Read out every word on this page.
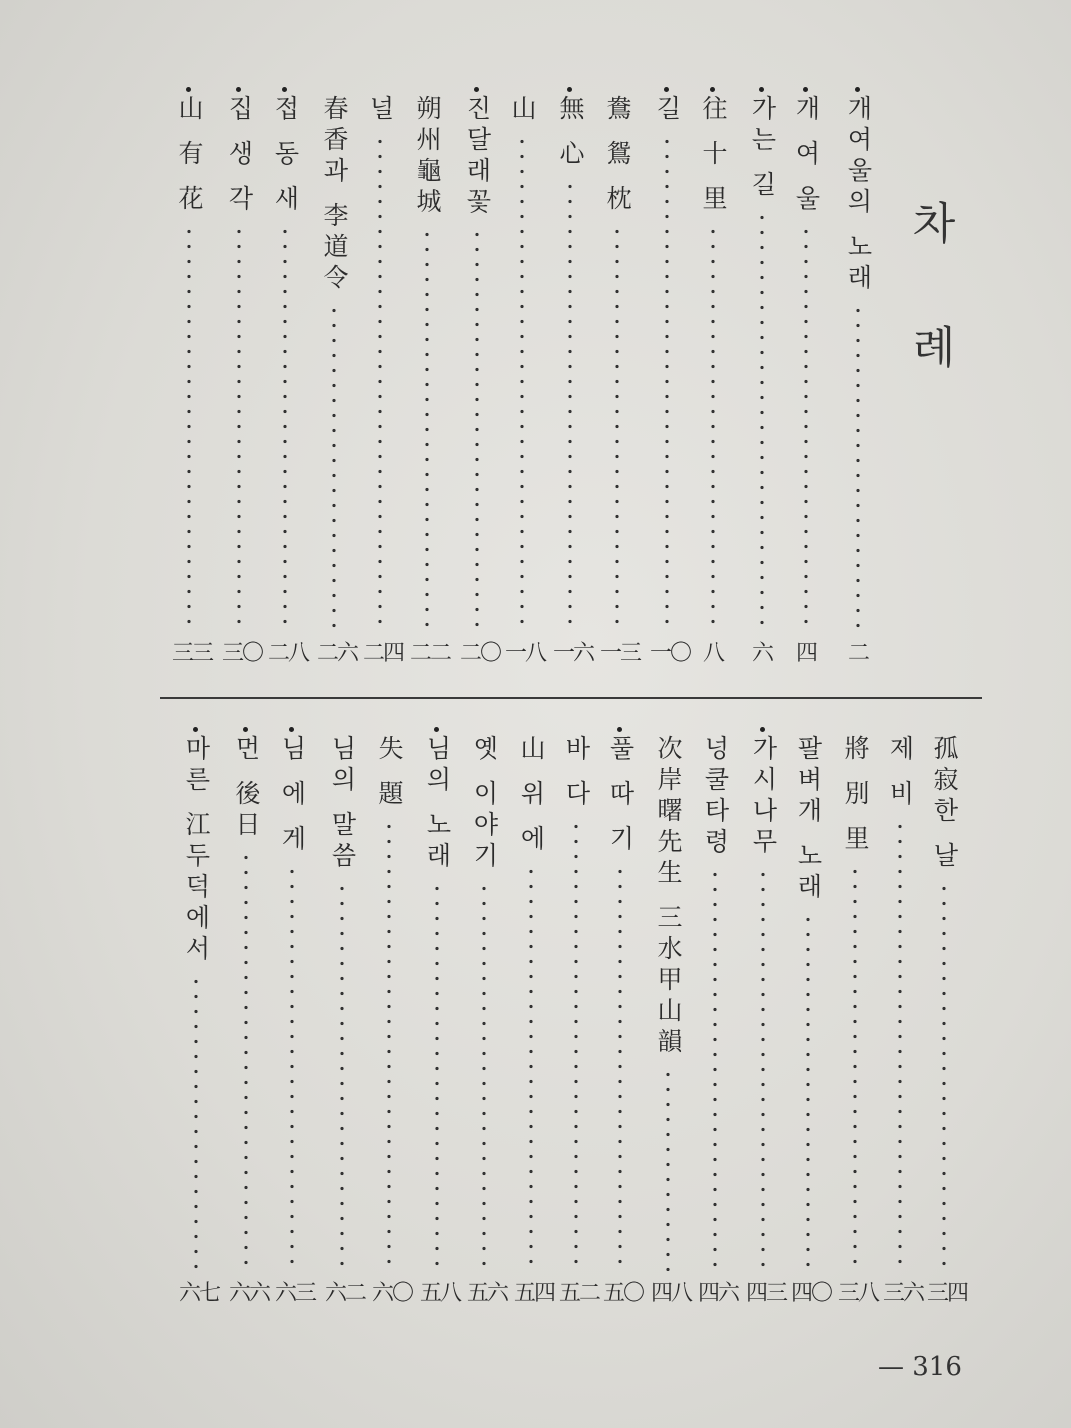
차례
개여울의 노래
二
개 여 울
四
가는 길
六
往 十 里
八
길
一〇
鴦 鴛 枕
一三
無 心
一六
山
一八
진달래꽃
二〇
朔州龜城
二二
널
二四
春香과 李道令
二六
접 동 새
二八
집 생 각
三〇
山 有 花
三三
孤寂한 날
三四
제 비
三六
將 別 里
三八
팔벼개 노래
四〇
가시나무
四三
넝쿨타령
四六
次岸曙先生 三水甲山韻
四八
풀 따 기
五〇
바 다
五二
山 위 에
五四
옛 이야기
五六
님의 노래
五八
失 題
六〇
님의 말씀
六二
님 에 게
六三
먼 後日
六六
마른 江두덕에서
六七
— 316
